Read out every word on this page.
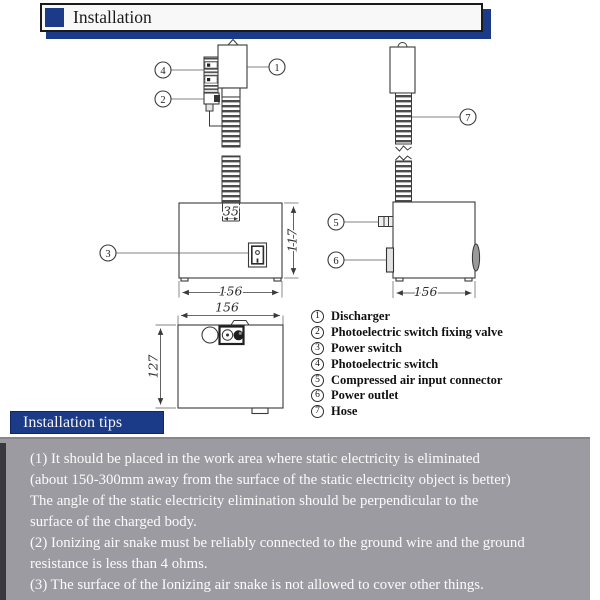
Installation
1
4
2
35
3
117
156
7
5
6
156
156
127
1 Discharger
2 Photoelectric switch fixing valve
3 Power switch
4 Photoelectric switch
5 Compressed air input connector
6 Power outlet
7 Hose
Installation tips
(1) It should be placed in the work area where static electricity is eliminated
(about 150-300mm away from the surface of the static electricity object is better)
The angle of the static electricity elimination should be perpendicular to the
surface of the charged body.
(2) Ionizing air snake must be reliably connected to the ground wire and the ground
resistance is less than 4 ohms.
(3) The surface of the Ionizing air snake is not allowed to cover other things.
